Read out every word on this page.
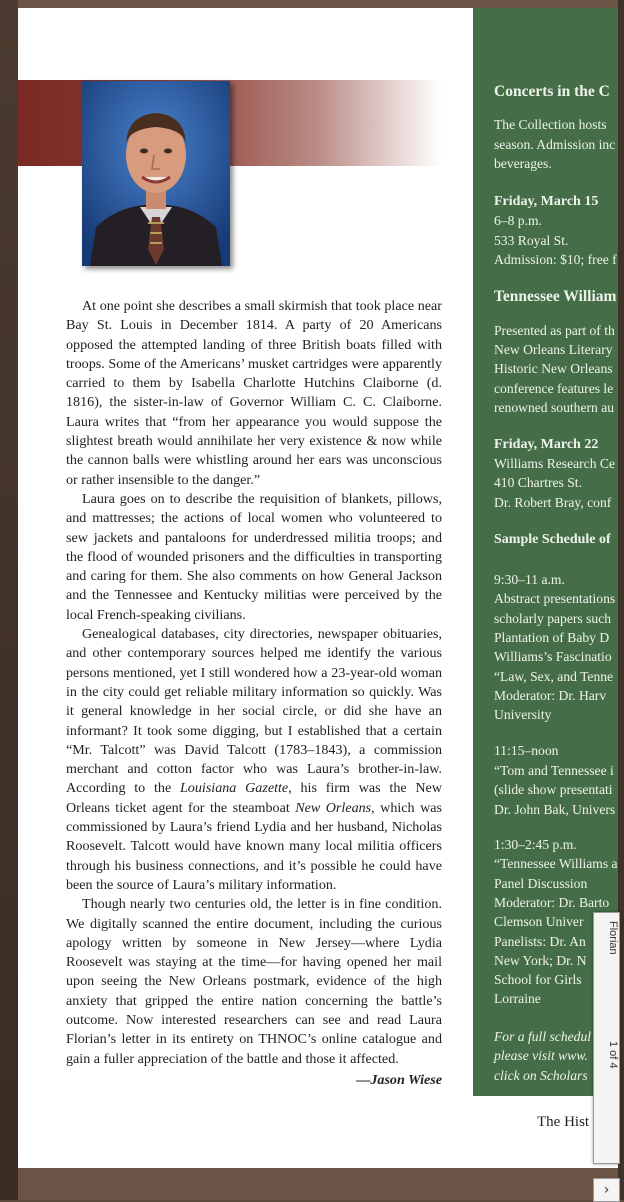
At one point she describes a small skirmish that took place near Bay St. Louis in December 1814. A party of 20 Americans opposed the attempted landing of three British boats filled with troops. Some of the Americans’ musket cartridges were apparently carried to them by Isabella Charlotte Hutchins Claiborne (d. 1816), the sister-in-law of Governor William C. C. Claiborne. Laura writes that “from her appearance you would suppose the slightest breath would annihilate her very existence & now while the cannon balls were whistling around her ears was unconscious or rather insensible to the danger.”

Laura goes on to describe the requisition of blankets, pillows, and mattresses; the actions of local women who volunteered to sew jackets and pantaloons for underdressed militia troops; and the flood of wounded prisoners and the difficulties in transporting and caring for them. She also comments on how General Jackson and the Tennessee and Kentucky militias were perceived by the local French-speaking civilians.

Genealogical databases, city directories, newspaper obituaries, and other contemporary sources helped me identify the various persons mentioned, yet I still wondered how a 23-year-old woman in the city could get reliable military information so quickly. Was it general knowledge in her social circle, or did she have an informant? It took some digging, but I established that a certain “Mr. Talcott” was David Talcott (1783–1843), a commission merchant and cotton factor who was Laura’s brother-in-law. According to the Louisiana Gazette, his firm was the New Orleans ticket agent for the steamboat New Orleans, which was commissioned by Laura’s friend Lydia and her husband, Nicholas Roosevelt. Talcott would have known many local militia officers through his business connections, and it’s possible he could have been the source of Laura’s military information.

Though nearly two centuries old, the letter is in fine condition. We digitally scanned the entire document, including the curious apology written by someone in New Jersey—where Lydia Roosevelt was staying at the time—for having opened her mail upon seeing the New Orleans postmark, evidence of the high anxiety that gripped the entire nation concerning the battle’s outcome. Now interested researchers can see and read Laura Florian’s letter in its entirety on THNOC’s online catalogue and gain a fuller appreciation of the battle and those it affected.

—Jason Wiese
Concerts in the C
The Collection hosts
season. Admission inc
beverages.
Friday, March 15
6–8 p.m.
533 Royal St.
Admission: $10; free f
Tennessee William
Presented as part of th
New Orleans Literary
Historic New Orleans
conference features le
renowned southern au
Friday, March 22
Williams Research Ce
410 Chartres St.
Dr. Robert Bray, conf
Sample Schedule of
9:30–11 a.m.
Abstract presentations
scholarly papers such
Plantation of Baby D
Williams’s Fascinatio
“Law, Sex, and Tenne
Moderator: Dr. Harv
University
11:15–noon
“Tom and Tennessee i
(slide show presentati
Dr. John Bak, Univers
1:30–2:45 p.m.
“Tennessee Williams a
Panel Discussion
Moderator: Dr. Barto
Clemson Univer
Panelists: Dr. An
New York; Dr. N
School for Girls
Lorraine
For a full schedul
please visit www.
click on Scholars
The Hist
Florian
1 of 4
›
